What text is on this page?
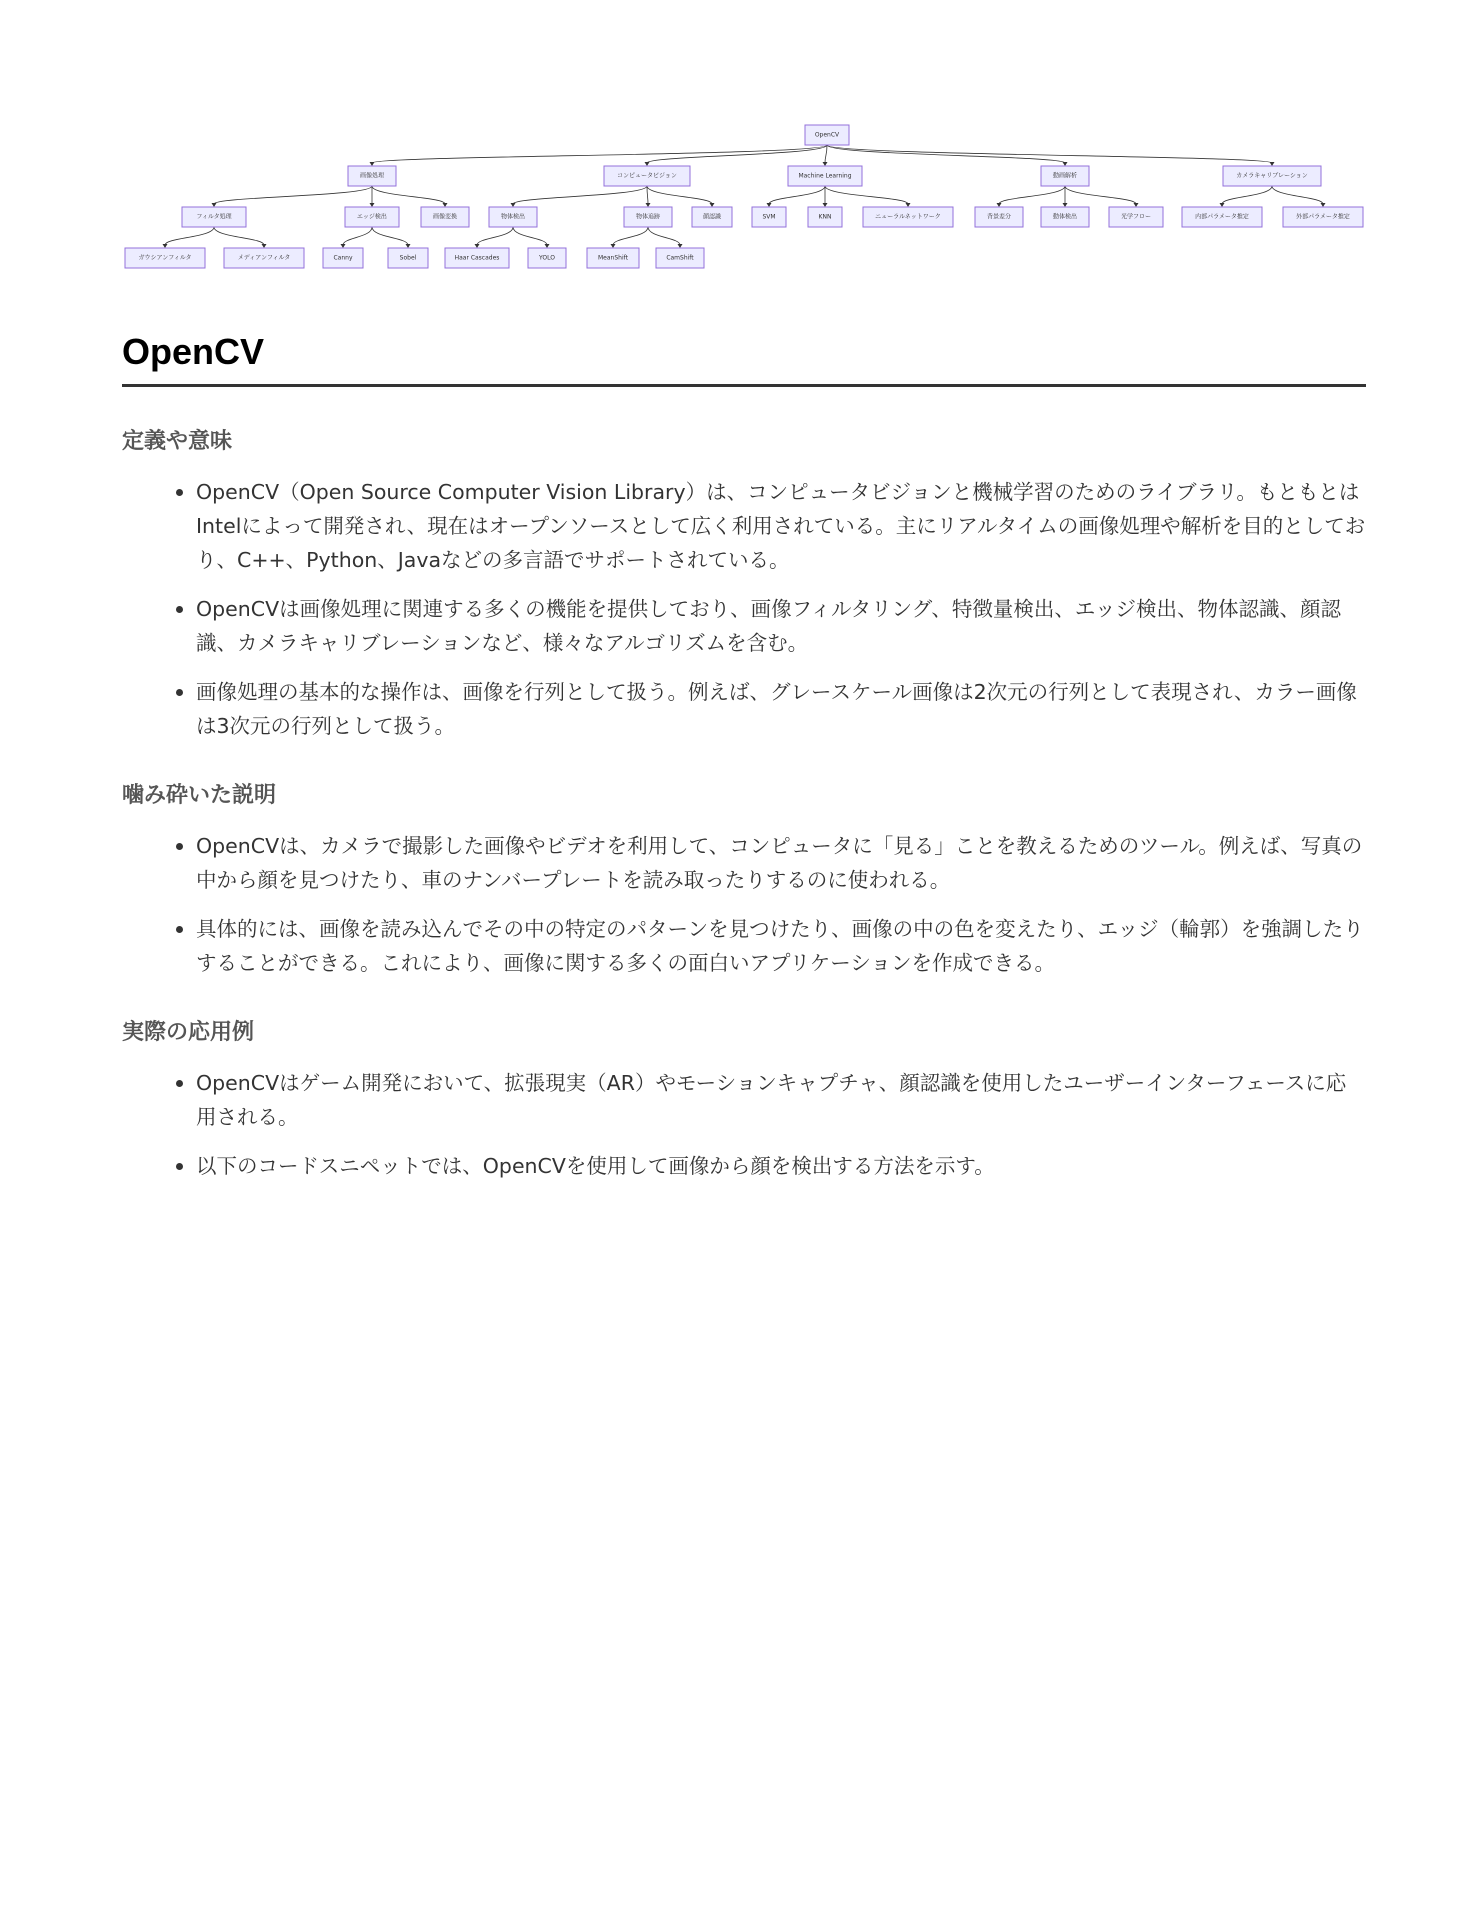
OpenCV
画像処理	コンピュータビジョン	Machine Learning	動画解析	カメラキャリブレーション
フィルタ処理	エッジ検出	画像変換	物体検出	物体追跡	顔認識	SVM	KNN	ニューラルネットワーク	背景差分	動体検出	光学フロー	内部パラメータ推定	外部パラメータ推定
ガウシアンフィルタ	メディアンフィルタ	Canny	Sobel	Haar Cascades	YOLO	MeanShift	CamShift
OpenCV
定義や意味
OpenCV（Open Source Computer Vision Library）は、コンピュータビジョンと機械学習のためのライブラリ。もともとはIntelによって開発され、現在はオープンソースとして広く利用されている。主にリアルタイムの画像処理や解析を目的としており、C++、Python、Javaなどの多言語でサポートされている。
OpenCVは画像処理に関連する多くの機能を提供しており、画像フィルタリング、特徴量検出、エッジ検出、物体認識、顔認識、カメラキャリブレーションなど、様々なアルゴリズムを含む。
画像処理の基本的な操作は、画像を行列として扱う。例えば、グレースケール画像は2次元の行列として表現され、カラー画像は3次元の行列として扱う。
噛み砕いた説明
OpenCVは、カメラで撮影した画像やビデオを利用して、コンピュータに「見る」ことを教えるためのツール。例えば、写真の中から顔を見つけたり、車のナンバープレートを読み取ったりするのに使われる。
具体的には、画像を読み込んでその中の特定のパターンを見つけたり、画像の中の色を変えたり、エッジ（輪郭）を強調したりすることができる。これにより、画像に関する多くの面白いアプリケーションを作成できる。
実際の応用例
OpenCVはゲーム開発において、拡張現実（AR）やモーションキャプチャ、顔認識を使用したユーザーインターフェースに応用される。
以下のコードスニペットでは、OpenCVを使用して画像から顔を検出する方法を示す。
